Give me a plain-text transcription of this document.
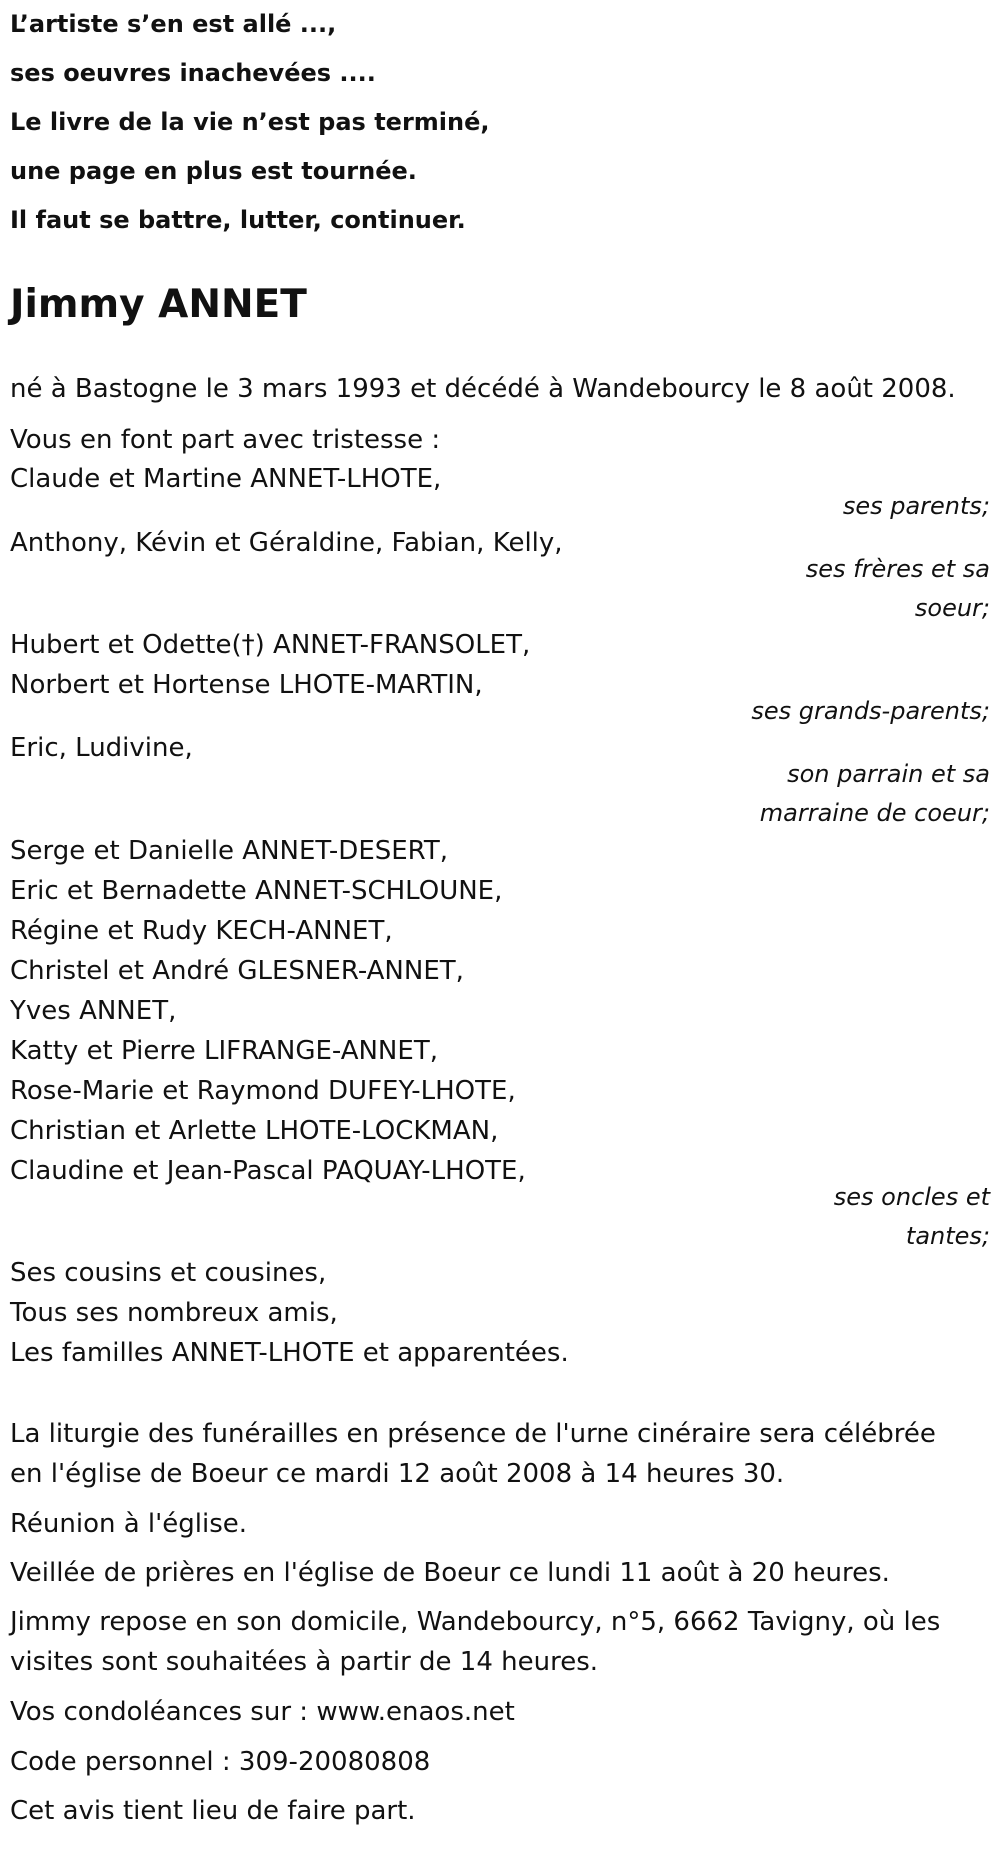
L’artiste s’en est allé ...,
ses oeuvres inachevées ....
Le livre de la vie n’est pas terminé,
une page en plus est tournée.
Il faut se battre, lutter, continuer.
Jimmy ANNET
né à Bastogne le 3 mars 1993 et décédé à Wandebourcy le 8 août 2008.
Vous en font part avec tristesse :
Claude et Martine ANNET-LHOTE,
ses parents;
Anthony, Kévin et Géraldine, Fabian, Kelly,
ses frères et sa
soeur;
Hubert et Odette(†) ANNET-FRANSOLET,
Norbert et Hortense LHOTE-MARTIN,
ses grands-parents;
Eric, Ludivine,
son parrain et sa
marraine de coeur;
Serge et Danielle ANNET-DESERT,
Eric et Bernadette ANNET-SCHLOUNE,
Régine et Rudy KECH-ANNET,
Christel et André GLESNER-ANNET,
Yves ANNET,
Katty et Pierre LIFRANGE-ANNET,
Rose-Marie et Raymond DUFEY-LHOTE,
Christian et Arlette LHOTE-LOCKMAN,
Claudine et Jean-Pascal PAQUAY-LHOTE,
ses oncles et
tantes;
Ses cousins et cousines,
Tous ses nombreux amis,
Les familles ANNET-LHOTE et apparentées.
La liturgie des funérailles en présence de l'urne cinéraire sera célébrée
en l'église de Boeur ce mardi 12 août 2008 à 14 heures 30.
Réunion à l'église.
Veillée de prières en l'église de Boeur ce lundi 11 août à 20 heures.
Jimmy repose en son domicile, Wandebourcy, n°5, 6662 Tavigny, où les
visites sont souhaitées à partir de 14 heures.
Vos condoléances sur : www.enaos.net
Code personnel : 309-20080808
Cet avis tient lieu de faire part.
